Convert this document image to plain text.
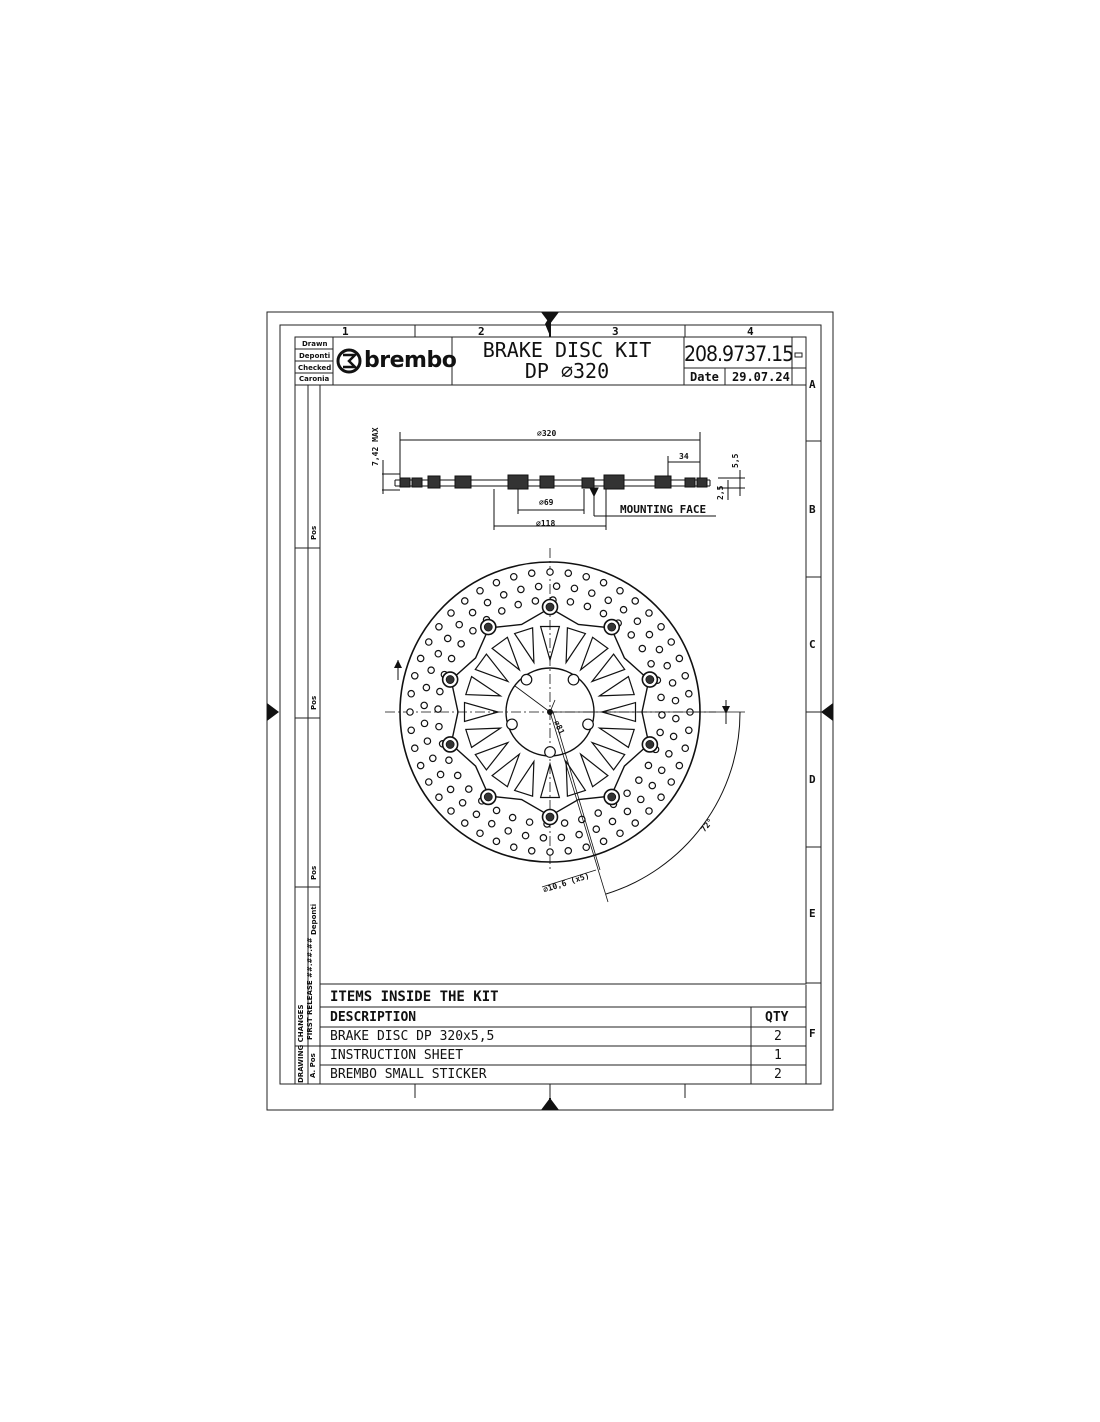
1	2	3	4
A
B
C
D
E
F
Drawn
Deponti
Checked
Caronia
brembo	BRAKE DISC KIT
DP ⌀320
208.9737.15
Date 29.07.24
FIRST RELEASE ##.##.##
Deponti
DRAWING CHANGES A. Pos
Pos
Pos
Pos
⌀320
7,42 MAX	34	5,5
2,5
⌀69
⌀118
MOUNTING FACE
⌀81
72°
⌀10,6 (x5)
ITEMS INSIDE THE KIT
DESCRIPTION	QTY
BRAKE DISC DP 320x5,5	2
INSTRUCTION SHEET	1
BREMBO SMALL STICKER	2
